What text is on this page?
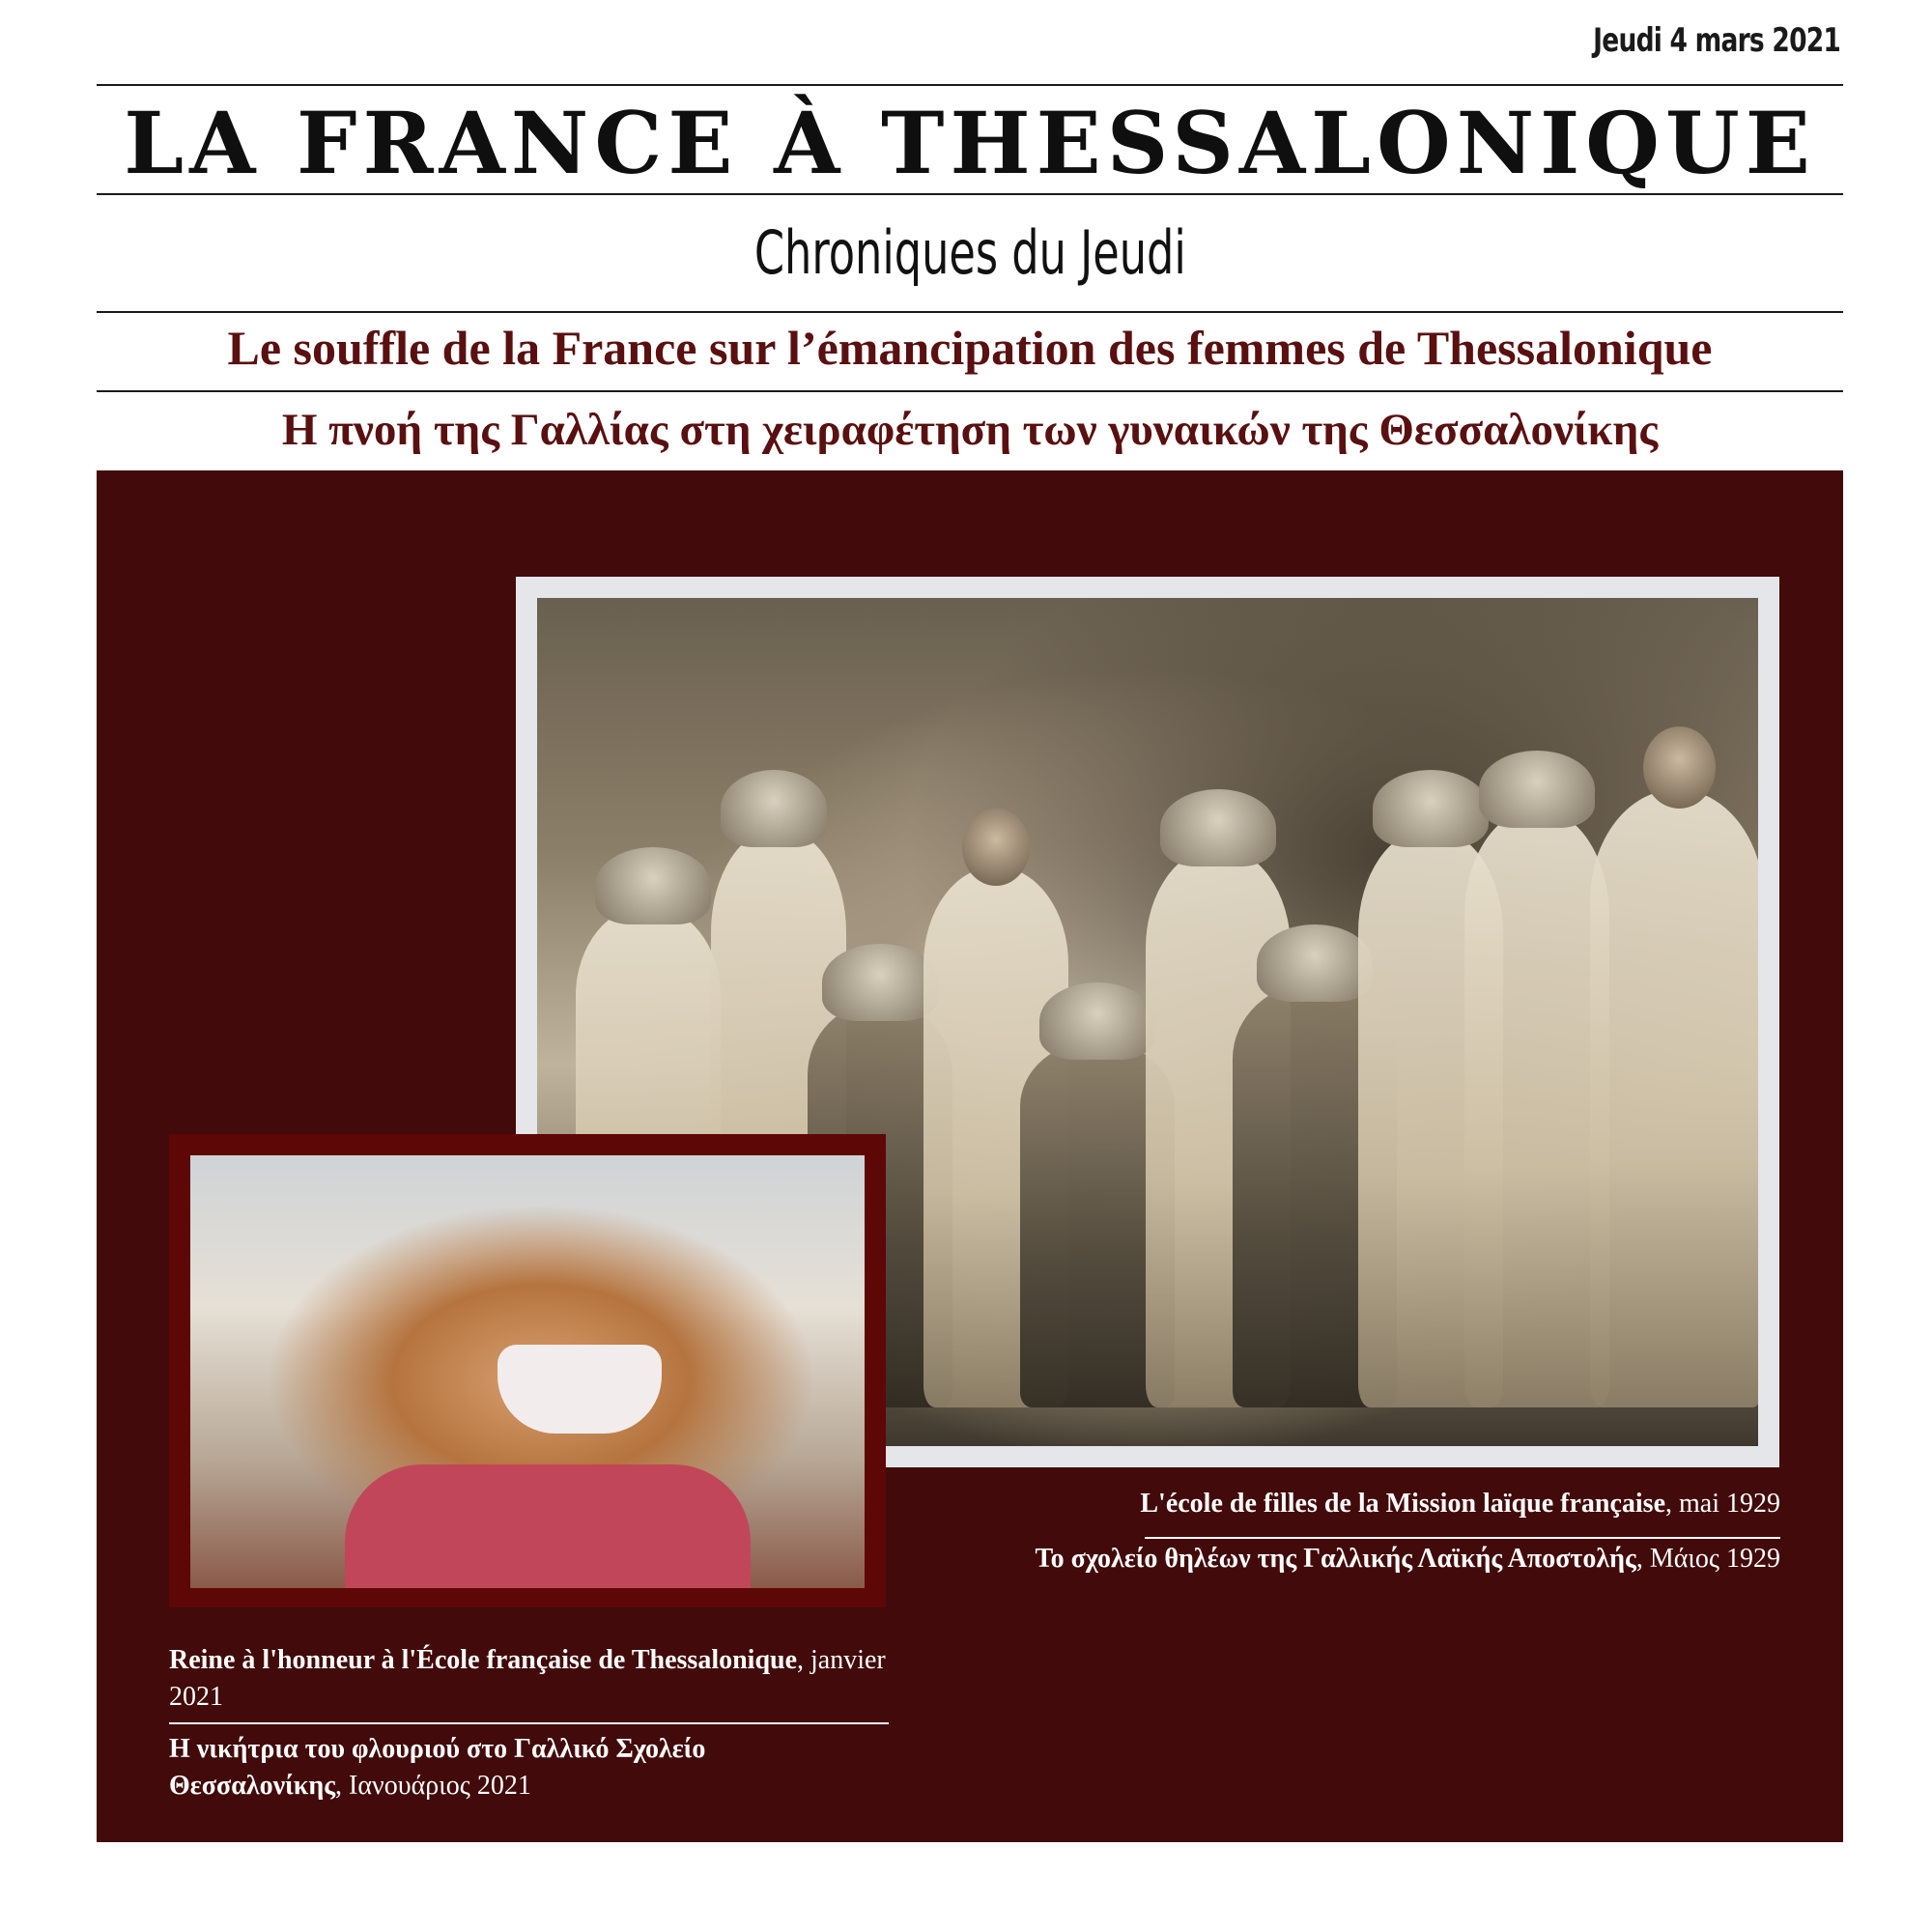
Jeudi 4 mars 2021
LA FRANCE À THESSALONIQUE
Chroniques du Jeudi
Le souffle de la France sur l’émancipation des femmes de Thessalonique
Η πνοή της Γαλλίας στη χειραφέτηση των γυναικών της Θεσσαλονίκης
L'école de filles de la Mission laïque française, mai 1929
Το σχολείο θηλέων της Γαλλικής Λαϊκής Αποστολής, Μάιος 1929
Reine à l'honneur à l'École française de Thessalonique, janvier 2021
Η νικήτρια του φλουριού στο Γαλλικό Σχολείο
Θεσσαλονίκης, Ιανουάριος 2021
